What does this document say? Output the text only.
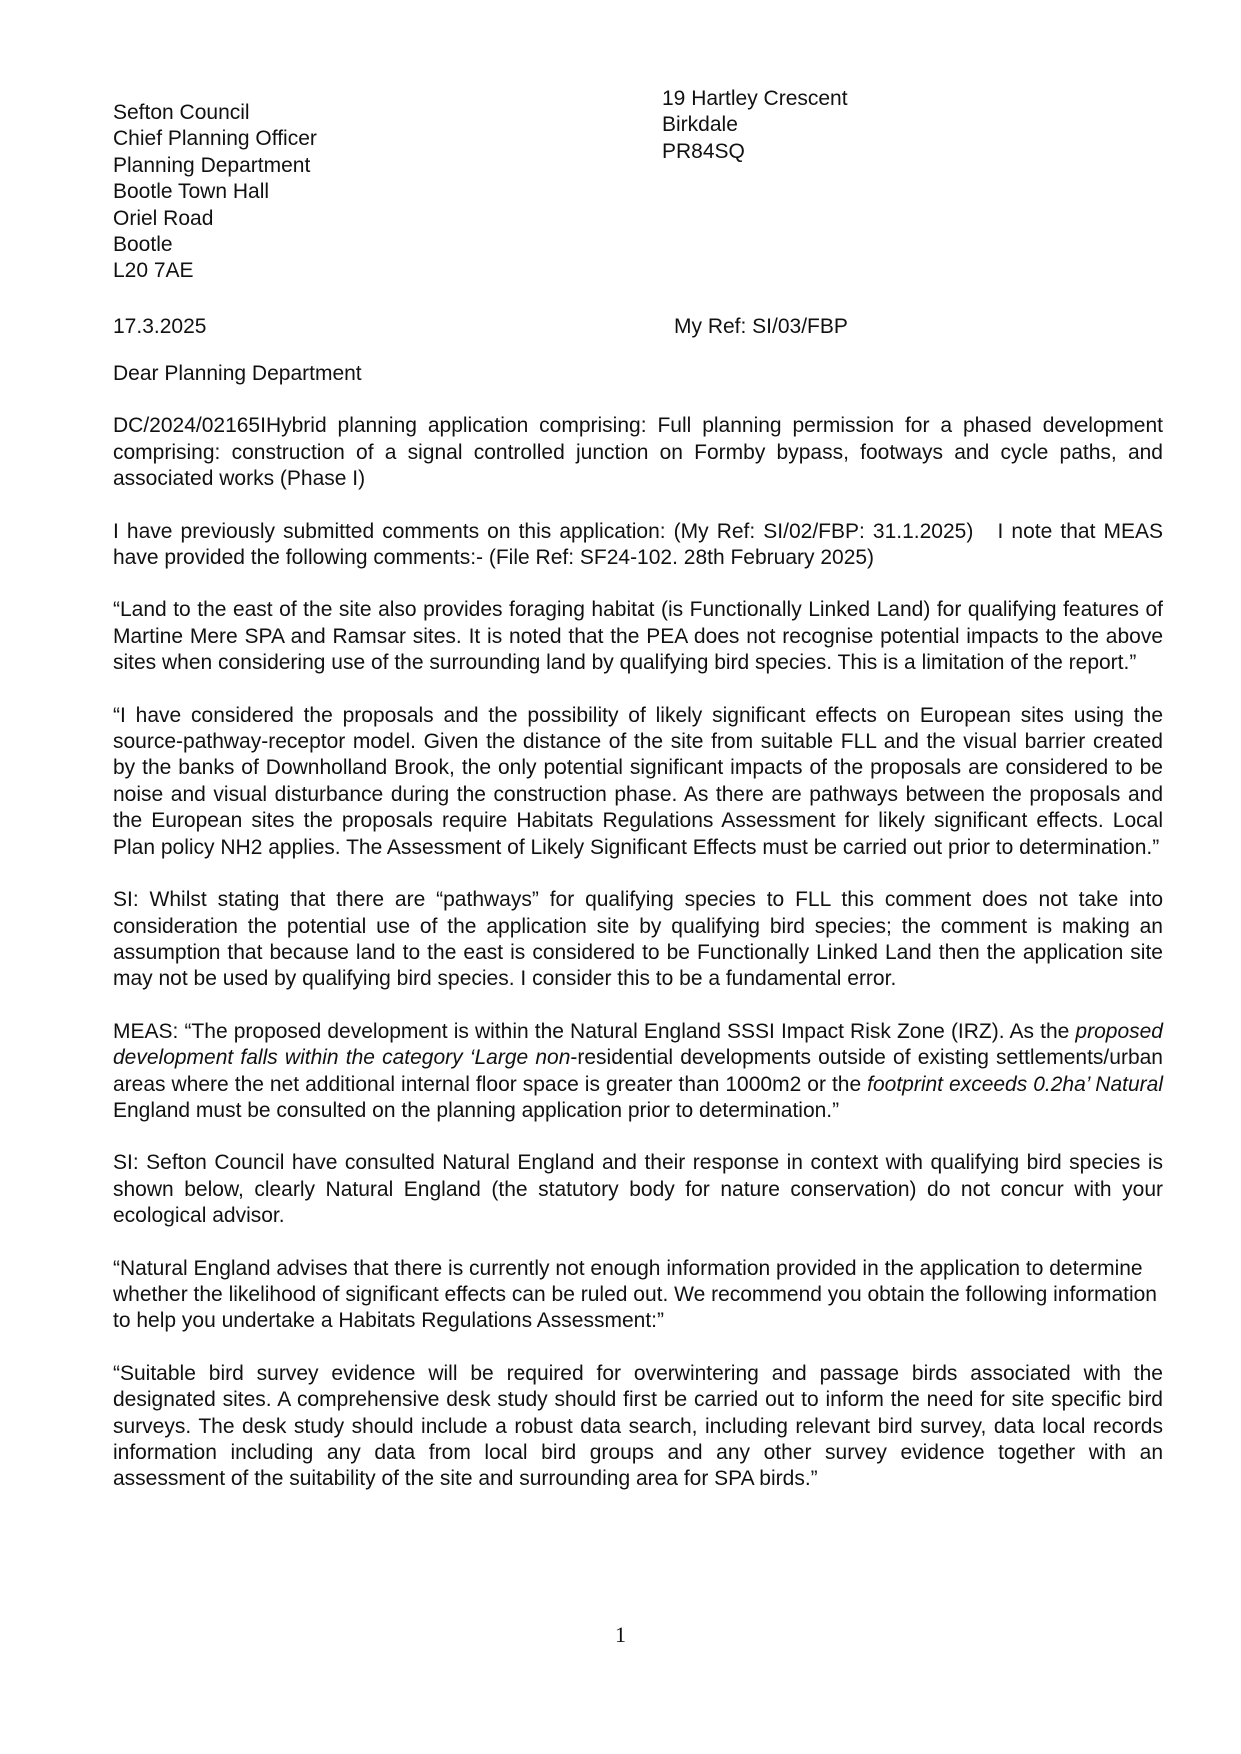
Sefton Council
Chief Planning Officer
Planning Department
Bootle Town Hall
Oriel Road
Bootle
L20 7AE
19 Hartley Crescent
Birkdale
PR84SQ
17.3.2025	My Ref: SI/03/FBP

Dear Planning Department

DC/2024/02165IHybrid planning application comprising: Full planning permission for a phased development comprising: construction of a signal controlled junction on Formby bypass, footways and cycle paths, and associated works (Phase I)

I have previously submitted comments on this application: (My Ref: SI/02/FBP: 31.1.2025)   I note that MEAS have provided the following comments:- (File Ref: SF24-102. 28th February 2025)

“Land to the east of the site also provides foraging habitat (is Functionally Linked Land) for qualifying features of Martine Mere SPA and Ramsar sites. It is noted that the PEA does not recognise potential impacts to the above sites when considering use of the surrounding land by qualifying bird species. This is a limitation of the report.”

“I have considered the proposals and the possibility of likely significant effects on European sites using the source-pathway-receptor model. Given the distance of the site from suitable FLL and the visual barrier created by the banks of Downholland Brook, the only potential significant impacts of the proposals are considered to be noise and visual disturbance during the construction phase. As there are pathways between the proposals and the European sites the proposals require Habitats Regulations Assessment for likely significant effects. Local Plan policy NH2 applies. The Assessment of Likely Significant Effects must be carried out prior to determination.”

SI: Whilst stating that there are “pathways” for qualifying species to FLL this comment does not take into consideration the potential use of the application site by qualifying bird species; the comment is making an assumption that because land to the east is considered to be Functionally Linked Land then the application site may not be used by qualifying bird species. I consider this to be a fundamental error.

MEAS: “The proposed development is within the Natural England SSSI Impact Risk Zone (IRZ). As the proposed development falls within the category ‘Large non-residential developments outside of existing settlements/urban areas where the net additional internal floor space is greater than 1000m2 or the footprint exceeds 0.2ha’ Natural England must be consulted on the planning application prior to determination.”

SI: Sefton Council have consulted Natural England and their response in context with qualifying bird species is shown below, clearly Natural England (the statutory body for nature conservation) do not concur with your ecological advisor.

“Natural England advises that there is currently not enough information provided in the application to determine whether the likelihood of significant effects can be ruled out. We recommend you obtain the following information to help you undertake a Habitats Regulations Assessment:”

“Suitable bird survey evidence will be required for overwintering and passage birds associated with the designated sites. A comprehensive desk study should first be carried out to inform the need for site specific bird surveys. The desk study should include a robust data search, including relevant bird survey, data local records information including any data from local bird groups and any other survey evidence together with an assessment of the suitability of the site and surrounding area for SPA birds.”

1
